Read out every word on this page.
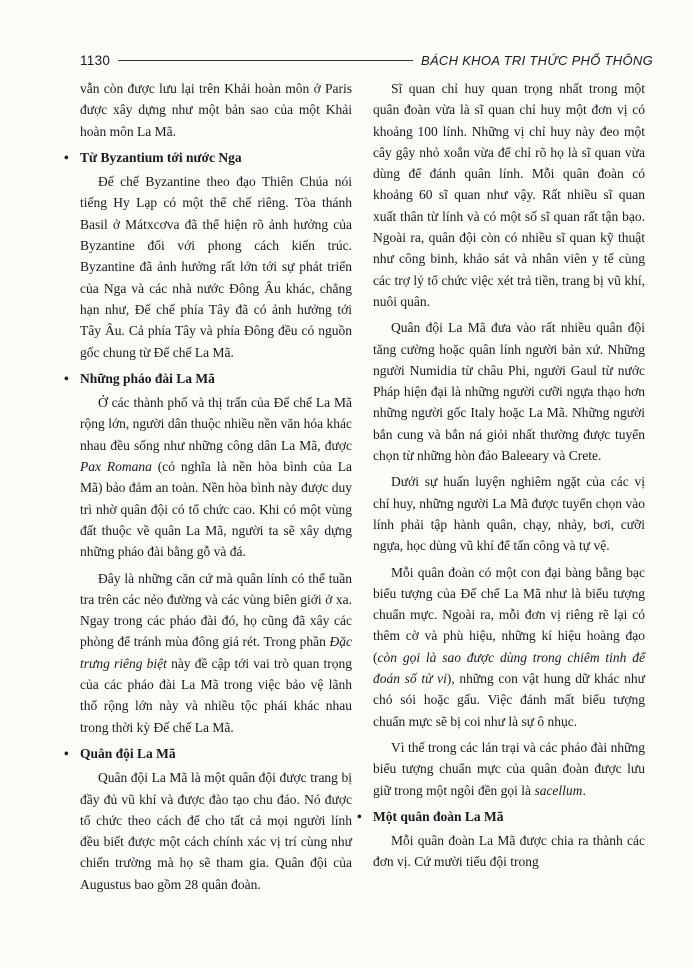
1130	BÁCH KHOA TRI THỨC PHỔ THÔNG

vẫn còn được lưu lại trên Khải hoàn môn ở Paris được xây dựng như một bản sao của một Khải hoàn môn La Mã.

• Từ Byzantium tới nước Nga

Đế chế Byzantine theo đạo Thiên Chúa nói tiếng Hy Lạp có một thể chế riêng. Tòa thánh Basil ở Mátxcơva đã thể hiện rõ ảnh hưởng của Byzantine đối với phong cách kiến trúc. Byzantine đã ảnh hưởng rất lớn tới sự phát triển của Nga và các nhà nước Đông Âu khác, chẳng hạn như, Đế chế phía Tây đã có ảnh hưởng tới Tây Âu. Cả phía Tây và phía Đông đều có nguồn gốc chung từ Đế chế La Mã.

• Những pháo đài La Mã

Ở các thành phố và thị trấn của Đế chế La Mã rộng lớn, người dân thuộc nhiều nền văn hóa khác nhau đều sống như những công dân La Mã, được Pax Romana (có nghĩa là nền hòa bình của La Mã) bảo đảm an toàn. Nền hòa bình này được duy trì nhờ quân đội có tổ chức cao. Khi có một vùng đất thuộc về quân La Mã, người ta sẽ xây dựng những pháo đài bằng gỗ và đá.

Đây là những căn cứ mà quân lính có thể tuần tra trên các nẻo đường và các vùng biên giới ở xa. Ngay trong các pháo đài đó, họ cũng đã xây các phòng để tránh mùa đông giá rét. Trong phần Đặc trưng riêng biệt này đề cập tới vai trò quan trọng của các pháo đài La Mã trong việc bảo vệ lãnh thổ rộng lớn này và nhiều tộc phái khác nhau trong thời kỳ Đế chế La Mã.

• Quân đội La Mã

Quân đội La Mã là một quân đội được trang bị đầy đủ vũ khí và được đào tạo chu đáo. Nó được tổ chức theo cách để cho tất cả mọi người lính đều biết được một cách chính xác vị trí cùng như chiến trường mà họ sẽ tham gia. Quân đội của Augustus bao gồm 28 quân đoàn.

Sĩ quan chỉ huy quan trọng nhất trong một quân đoàn vừa là sĩ quan chỉ huy một đơn vị có khoảng 100 lính. Những vị chỉ huy này đeo một cây gậy nhỏ xoắn vừa để chỉ rõ họ là sĩ quan vừa dùng để đánh quân lính. Mỗi quân đoàn có khoảng 60 sĩ quan như vậy. Rất nhiều sĩ quan xuất thân từ lính và có một số sĩ quan rất tận bạo. Ngoài ra, quân đội còn có nhiều sĩ quan kỹ thuật như công binh, khảo sát và nhân viên y tế cùng các trợ lý tổ chức việc xét trả tiền, trang bị vũ khí, nuôi quân.

Quân đội La Mã đưa vào rất nhiều quân đội tăng cường hoặc quân lính người bản xứ. Những người Numidia từ châu Phi, người Gaul từ nước Pháp hiện đại là những người cưỡi ngựa thạo hơn những người gốc Italy hoặc La Mã. Những người bắn cung và bắn ná giỏi nhất thường được tuyển chọn từ những hòn đảo Baleeary và Crete.

Dưới sự huấn luyện nghiêm ngặt của các vị chỉ huy, những người La Mã được tuyển chọn vào lính phải tập hành quân, chạy, nhảy, bơi, cưỡi ngựa, học dùng vũ khí để tấn công và tự vệ.

Mỗi quân đoàn có một con đại bàng bằng bạc biểu tượng của Đế chế La Mã như là biểu tượng chuẩn mực. Ngoài ra, mỗi đơn vị riêng rẽ lại có thêm cờ và phù hiệu, những kí hiệu hoàng đạo (còn gọi là sao được dùng trong chiêm tinh để đoán số tử vi), những con vật hung dữ khác như chó sói hoặc gấu. Việc đánh mất biểu tượng chuẩn mực sẽ bị coi như là sự ô nhục.

Vì thế trong các lán trại và các pháo đài những biểu tượng chuẩn mực của quân đoàn được lưu giữ trong một ngôi đền gọi là sacellum.

• Một quân đoàn La Mã

Mỗi quân đoàn La Mã được chia ra thành các đơn vị. Cứ mười tiểu đội trong
